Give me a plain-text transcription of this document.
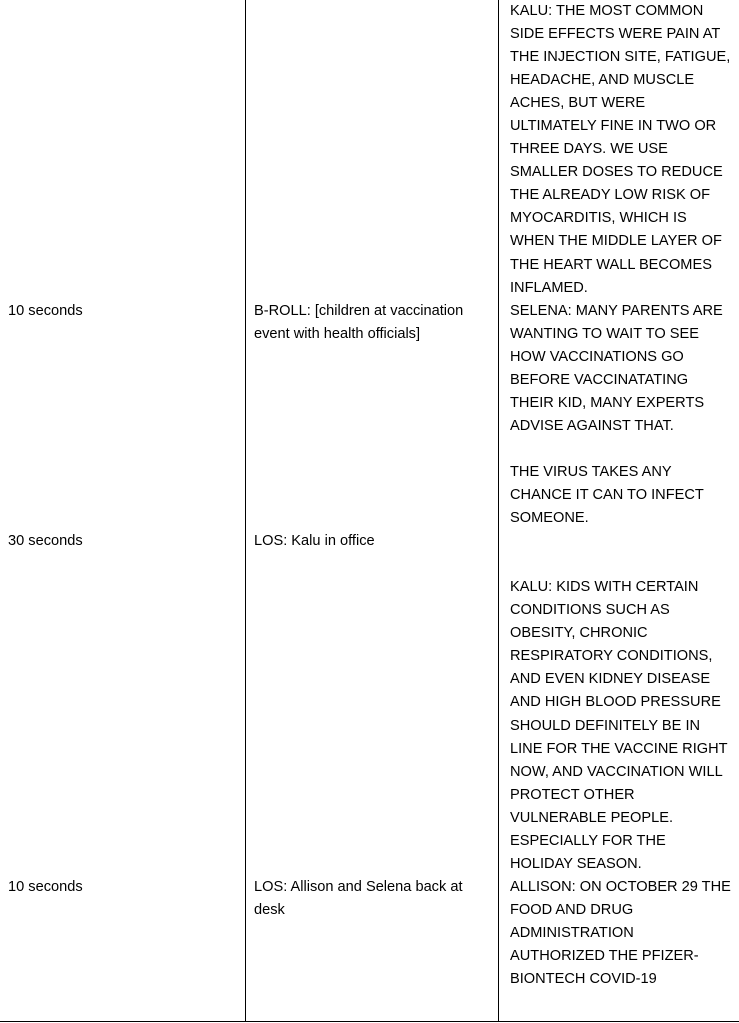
		KALU: THE MOST COMMON SIDE EFFECTS WERE PAIN AT THE INJECTION SITE, FATIGUE, HEADACHE, AND MUSCLE ACHES, BUT WERE ULTIMATELY FINE IN TWO OR THREE DAYS. WE USE SMALLER DOSES TO REDUCE THE ALREADY LOW RISK OF MYOCARDITIS, WHICH IS WHEN THE MIDDLE LAYER OF THE HEART WALL BECOMES INFLAMED.

10 seconds	B-ROLL: [children at vaccination event with health officials]	SELENA: MANY PARENTS ARE WANTING TO WAIT TO SEE HOW VACCINATIONS GO BEFORE VACCINATATING THEIR KID, MANY EXPERTS ADVISE AGAINST THAT.

THE VIRUS TAKES ANY CHANCE IT CAN TO INFECT SOMEONE.

30 seconds	LOS: Kalu in office	KALU: KIDS WITH CERTAIN CONDITIONS SUCH AS OBESITY, CHRONIC RESPIRATORY CONDITIONS, AND EVEN KIDNEY DISEASE AND HIGH BLOOD PRESSURE SHOULD DEFINITELY BE IN LINE FOR THE VACCINE RIGHT NOW, AND VACCINATION WILL PROTECT OTHER VULNERABLE PEOPLE. ESPECIALLY FOR THE HOLIDAY SEASON.

10 seconds	LOS: Allison and Selena back at desk	ALLISON: ON OCTOBER 29 THE FOOD AND DRUG ADMINISTRATION AUTHORIZED THE PFIZER-BIONTECH COVID-19
